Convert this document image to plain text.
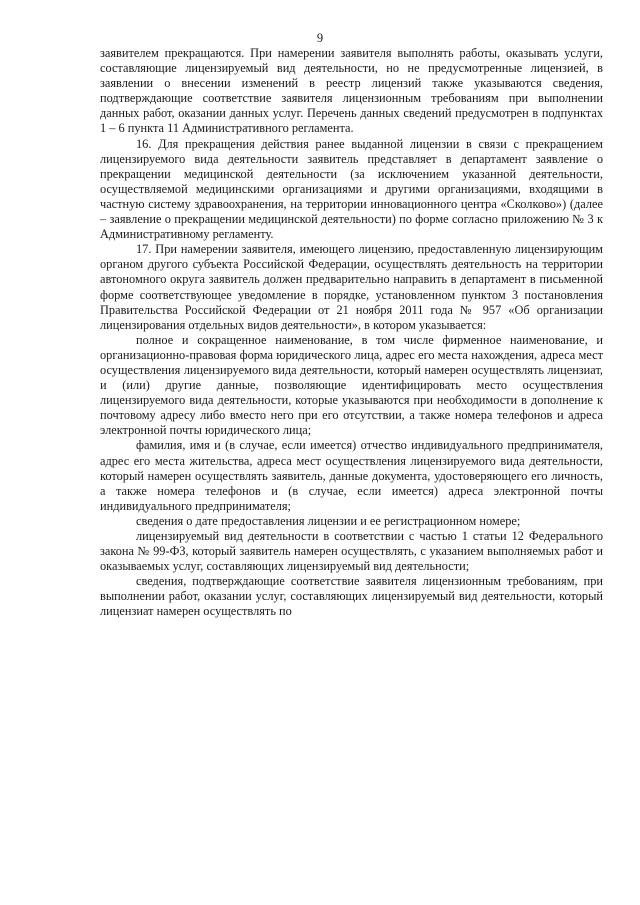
9

заявителем прекращаются. При намерении заявителя выполнять работы, оказывать услуги, составляющие лицензируемый вид деятельности, но не предусмотренные лицензией, в заявлении о внесении изменений в реестр лицензий также указываются сведения, подтверждающие соответствие заявителя лицензионным требованиям при выполнении данных работ, оказании данных услуг. Перечень данных сведений предусмотрен в подпунктах 1 – 6 пункта 11 Административного регламента.

16. Для прекращения действия ранее выданной лицензии в связи с прекращением лицензируемого вида деятельности заявитель представляет в департамент заявление о прекращении медицинской деятельности (за исключением указанной деятельности, осуществляемой медицинскими организациями и другими организациями, входящими в частную систему здравоохранения, на территории инновационного центра «Сколково») (далее – заявление о прекращении медицинской деятельности) по форме согласно приложению № 3 к Административному регламенту.

17. При намерении заявителя, имеющего лицензию, предоставленную лицензирующим органом другого субъекта Российской Федерации, осуществлять деятельность на территории автономного округа заявитель должен предварительно направить в департамент в письменной форме соответствующее уведомление в порядке, установленном пунктом 3 постановления Правительства Российской Федерации от 21 ноября 2011 года № 957 «Об организации лицензирования отдельных видов деятельности», в котором указывается:

полное и сокращенное наименование, в том числе фирменное наименование, и организационно-правовая форма юридического лица, адрес его места нахождения, адреса мест осуществления лицензируемого вида деятельности, который намерен осуществлять лицензиат, и (или) другие данные, позволяющие идентифицировать место осуществления лицензируемого вида деятельности, которые указываются при необходимости в дополнение к почтовому адресу либо вместо него при его отсутствии, а также номера телефонов и адреса электронной почты юридического лица;

фамилия, имя и (в случае, если имеется) отчество индивидуального предпринимателя, адрес его места жительства, адреса мест осуществления лицензируемого вида деятельности, который намерен осуществлять заявитель, данные документа, удостоверяющего его личность, а также номера телефонов и (в случае, если имеется) адреса электронной почты индивидуального предпринимателя;

сведения о дате предоставления лицензии и ее регистрационном номере;

лицензируемый вид деятельности в соответствии с частью 1 статьи 12 Федерального закона № 99-ФЗ, который заявитель намерен осуществлять, с указанием выполняемых работ и оказываемых услуг, составляющих лицензируемый вид деятельности;

сведения, подтверждающие соответствие заявителя лицензионным требованиям, при выполнении работ, оказании услуг, составляющих лицензируемый вид деятельности, который лицензиат намерен осуществлять по
